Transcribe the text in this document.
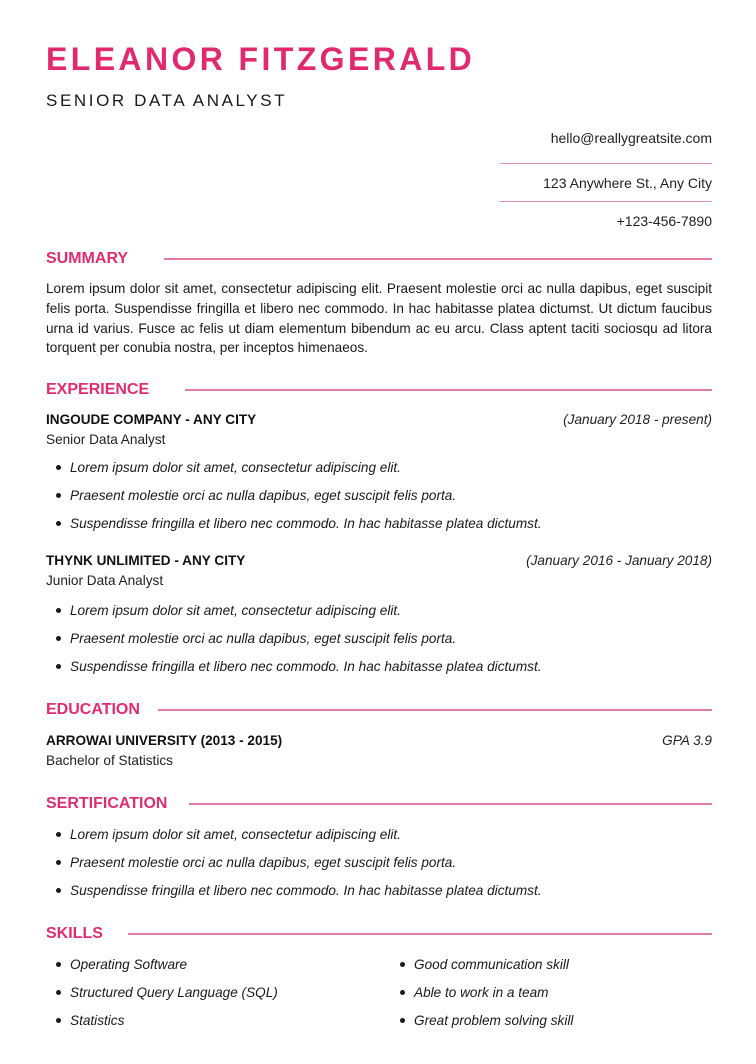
ELEANOR FITZGERALD
SENIOR DATA ANALYST
hello@reallygreatsite.com
123 Anywhere St., Any City
+123-456-7890
SUMMARY
Lorem ipsum dolor sit amet, consectetur adipiscing elit. Praesent molestie orci ac nulla dapibus, eget suscipit felis porta. Suspendisse fringilla et libero nec commodo. In hac habitasse platea dictumst. Ut dictum faucibus urna id varius. Fusce ac felis ut diam elementum bibendum ac eu arcu. Class aptent taciti sociosqu ad litora torquent per conubia nostra, per inceptos himenaeos.
EXPERIENCE
INGOUDE COMPANY - ANY CITY	(January 2018 - present)
Senior Data Analyst
Lorem ipsum dolor sit amet, consectetur adipiscing elit.
Praesent molestie orci ac nulla dapibus, eget suscipit felis porta.
Suspendisse fringilla et libero nec commodo. In hac habitasse platea dictumst.
THYNK UNLIMITED - ANY CITY	(January 2016 - January 2018)
Junior Data Analyst
Lorem ipsum dolor sit amet, consectetur adipiscing elit.
Praesent molestie orci ac nulla dapibus, eget suscipit felis porta.
Suspendisse fringilla et libero nec commodo. In hac habitasse platea dictumst.
EDUCATION
ARROWAI UNIVERSITY (2013 - 2015)	GPA 3.9
Bachelor of Statistics
SERTIFICATION
Lorem ipsum dolor sit amet, consectetur adipiscing elit.
Praesent molestie orci ac nulla dapibus, eget suscipit felis porta.
Suspendisse fringilla et libero nec commodo. In hac habitasse platea dictumst.
SKILLS
Operating Software
Structured Query Language (SQL)
Statistics
Good communication skill
Able to work in a team
Great problem solving skill
